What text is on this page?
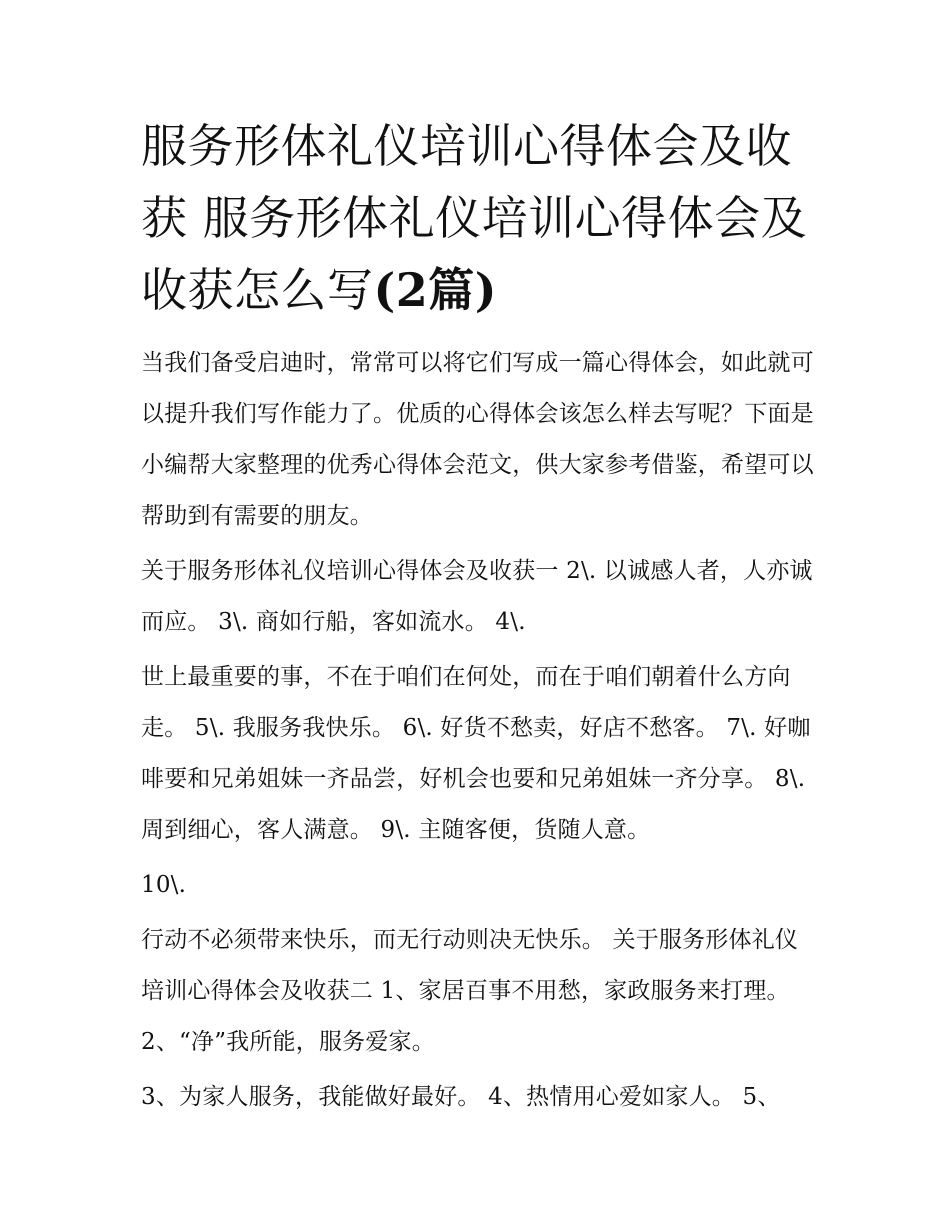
服务形体礼仪培训心得体会及收获 服务形体礼仪培训心得体会及收获怎么写(2篇)

当我们备受启迪时，常常可以将它们写成一篇心得体会，如此就可以提升我们写作能力了。优质的心得体会该怎么样去写呢？下面是小编帮大家整理的优秀心得体会范文，供大家参考借鉴，希望可以帮助到有需要的朋友。

关于服务形体礼仪培训心得体会及收获一 2\. 以诚感人者，人亦诚而应。 3\. 商如行船，客如流水。 4\.

世上最重要的事，不在于咱们在何处，而在于咱们朝着什么方向走。 5\. 我服务我快乐。 6\. 好货不愁卖，好店不愁客。 7\. 好咖啡要和兄弟姐妹一齐品尝，好机会也要和兄弟姐妹一齐分享。 8\. 周到细心，客人满意。 9\. 主随客便，货随人意。

10\.

行动不必须带来快乐，而无行动则决无快乐。 关于服务形体礼仪培训心得体会及收获二 1、家居百事不用愁，家政服务来打理。 2、“净”我所能，服务爱家。

3、为家人服务，我能做好最好。 4、热情用心爱如家人。 5、
